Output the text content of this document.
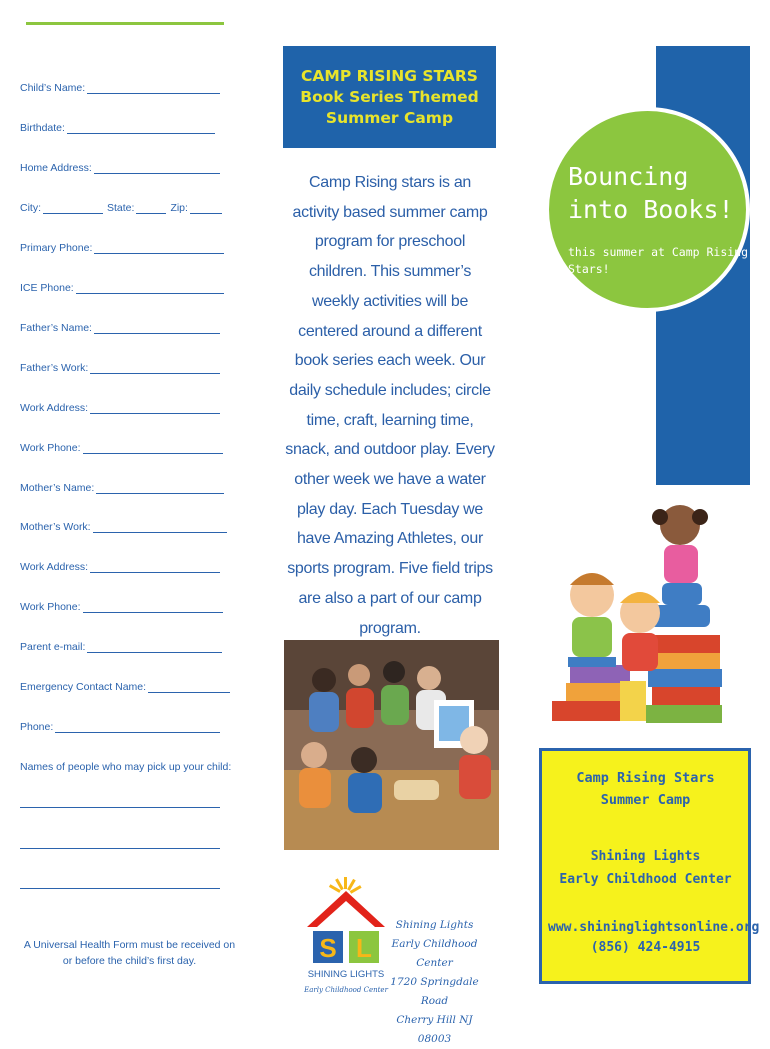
Child’s Name:
Birthdate:
Home Address:
City:	State:	Zip:
Primary Phone:
ICE Phone:
Father’s Name:
Father’s Work:
Work Address:
Work Phone:
Mother’s Name:
Mother’s Work:
Work Address:
Work Phone:
Parent e-mail:
Emergency Contact Name:
Phone:
Names of people who may pick up your child:
A Universal Health Form must be received on or before the child’s first day.
CAMP RISING STARS
Book Series Themed
Summer Camp
Camp Rising stars is an activity based summer camp program for preschool children. This summer’s weekly activities will be centered around a different book series each week. Our daily schedule includes; circle time, craft, learning time, snack, and outdoor play. Every other week we have a water play day. Each Tuesday we have Amazing Athletes, our sports program. Five field trips are also a part of our camp program.
S L
SHINING LIGHTS
Early Childhood Center
Shining Lights
Early Childhood Center
1720 Springdale Road
Cherry Hill NJ 08003
Bouncing into Books!
this summer at Camp Rising Stars!
Camp Rising Stars Summer Camp
Shining Lights
Early Childhood Center
www.shininglightsonline.org
(856) 424-4915
